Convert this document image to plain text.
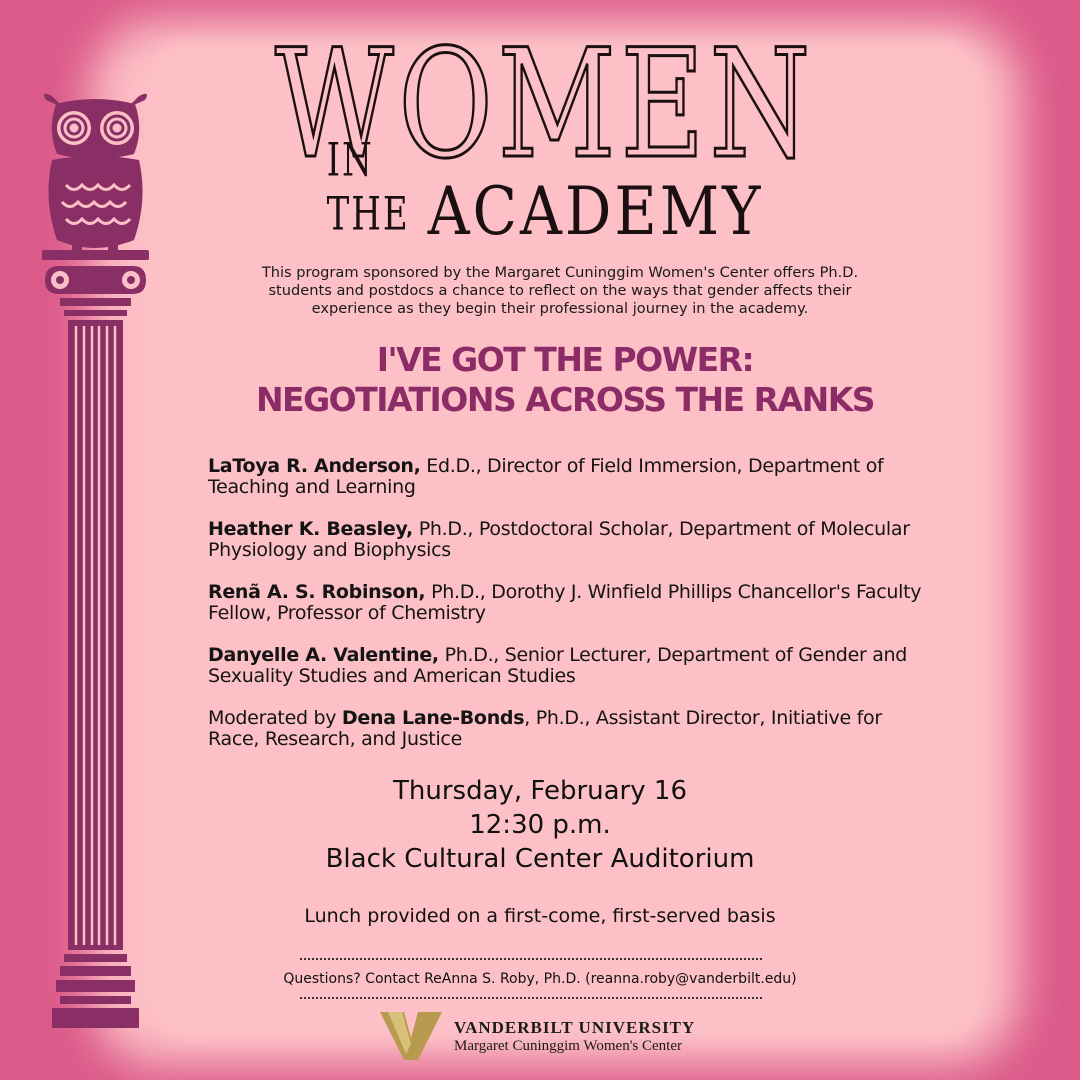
WOMEN
IN THE ACADEMY
This program sponsored by the Margaret Cuninggim Women's Center offers Ph.D. students and postdocs a chance to reflect on the ways that gender affects their experience as they begin their professional journey in the academy.
I'VE GOT THE POWER:
NEGOTIATIONS ACROSS THE RANKS
LaToya R. Anderson, Ed.D., Director of Field Immersion, Department of Teaching and Learning
Heather K. Beasley, Ph.D., Postdoctoral Scholar, Department of Molecular Physiology and Biophysics
Renã A. S. Robinson, Ph.D., Dorothy J. Winfield Phillips Chancellor's Faculty Fellow, Professor of Chemistry
Danyelle A. Valentine, Ph.D., Senior Lecturer, Department of Gender and Sexuality Studies and American Studies
Moderated by Dena Lane-Bonds, Ph.D., Assistant Director, Initiative for Race, Research, and Justice
Thursday, February 16
12:30 p.m.
Black Cultural Center Auditorium
Lunch provided on a first-come, first-served basis
Questions? Contact ReAnna S. Roby, Ph.D. (reanna.roby@vanderbilt.edu)
VANDERBILT UNIVERSITY
Margaret Cuninggim Women's Center
